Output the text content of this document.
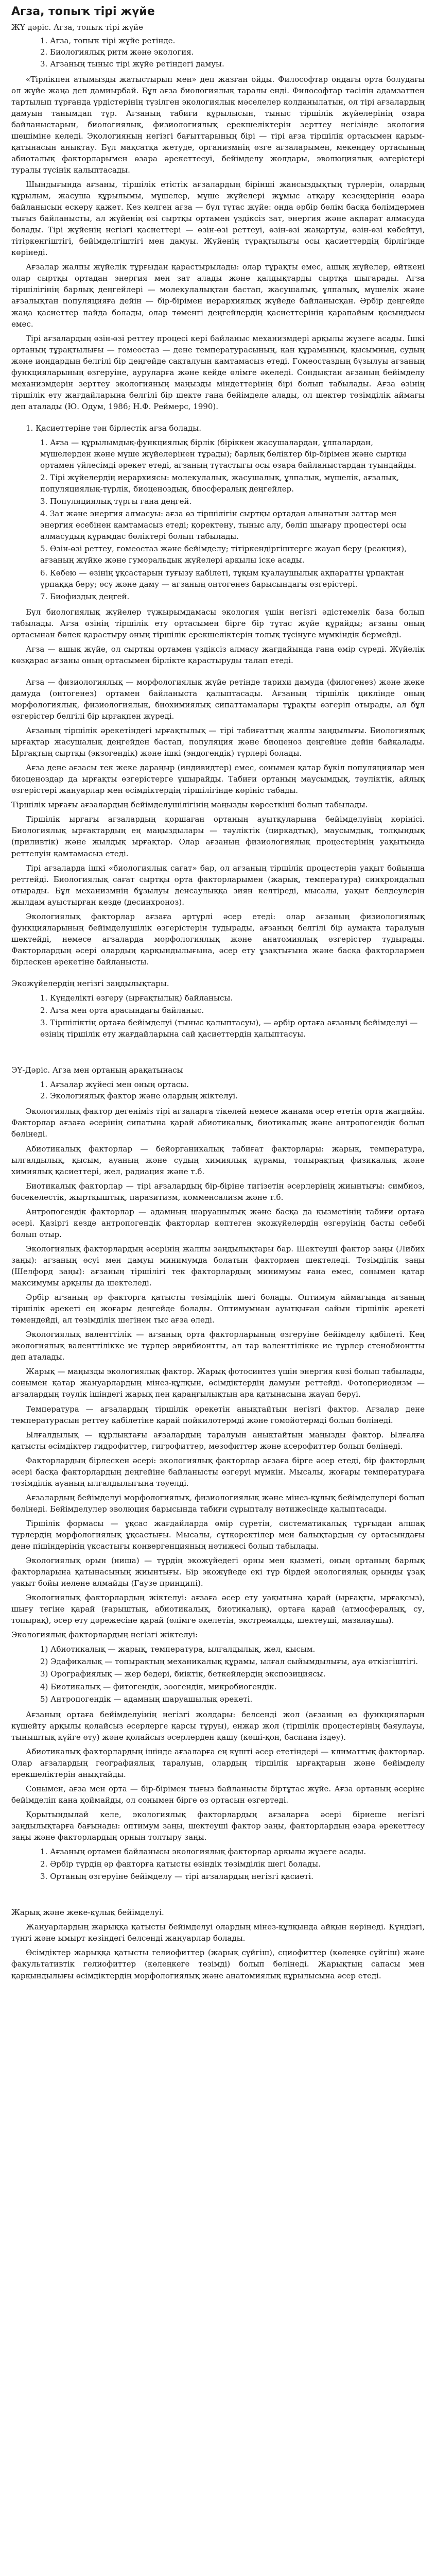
Агза, топыҡ тірі жүйе
ЖҮ дәріс. Агза, топыҡ тірі жүйе
1. Агза, топыҡ тірі жүйе ретінде.
2. Биологиялық ритм және экология.
3. Агзаның тыныс тірі жүйе ретіндегі дамуы.

«Тірлікпен атымызды жатыстырып мен» деп жазған ойды. Философтар ондағы орта болудағы ол жүйе жаңа деп дамиырбай. Бұл ағза биологиялық таралы енді. Философтар тәсілін адамзатпен тартылып тұрғанда үрдістерінің түзілген экологиялық мәселелер қолданылатын, ол тірі ағзалардың дамуын танымдап тұр. Ағзаның табиғи құрылысын, тыныс тіршілік жүйелерінің өзара байланыстарын, биологиялық, физиологиялық ерекшеліктерін зерттеу негізінде экология шешіміне келеді. Экологияның негізгі бағыттарының бірі — тірі ағза тіршілік ортасымен қарым-қатынасын анықтау. Бұл мақсатқа жетуде, организмнің өзге ағзаларымен, мекендеу ортасының абиоталық факторларымен өзара әрекеттесуі, бейімделу жолдары, эволюциялық өзгерістері туралы түсінік қалыптасады.

Шындығында ағзаны, тіршілік етістік ағзалардың бірінші жансыздықтың түрлерін, олардың құрылым, жасуша құрылымы, мүшелер, мүше жүйелері жұмыс атқару кезеңдерінің өзара байланысын ескеру қажет. Кез келген ағза — бұл тұтас жүйе: онда әрбір бөлім басқа бөлімдермен тығыз байланысты, ал жүйенің өзі сыртқы ортамен үздіксіз зат, энергия және ақпарат алмасуда болады. Тірі жүйенің негізгі қасиеттері — өзін-өзі реттеуі, өзін-өзі жаңартуы, өзін-өзі көбейтуі, тітіркенгіштігі, бейімделгіштігі мен дамуы. Жүйенің тұрақтылығы осы қасиеттердің бірлігінде көрінеді.

Ағзалар жалпы жүйелік тұрғыдан қарастырылады: олар тұрақты емес, ашық жүйелер, өйткені олар сыртқы ортадан энергия мен зат алады және қалдықтарды сыртқа шығарады. Ағза тіршілігінің барлық деңгейлері — молекулалықтан бастап, жасушалық, ұлпалық, мүшелік және ағзалықтан популяцияға дейін — бір-бірімен иерархиялық жүйеде байланысқан. Әрбір деңгейде жаңа қасиеттер пайда болады, олар төменгі деңгейлердің қасиеттерінің қарапайым қосындысы емес.

Тірі ағзалардың өзін-өзі реттеу процесі кері байланыс механизмдері арқылы жүзеге асады. Ішкі ортаның тұрақтылығы — гомеостаз — дене температурасының, қан құрамының, қысымның, судың және иондардың белгілі бір деңгейде сақталуын қамтамасыз етеді. Гомеостаздың бұзылуы ағзаның функцияларының өзгеруіне, ауруларға және кейде өлімге әкеледі. Сондықтан ағзаның бейімделу механизмдерін зерттеу экологияның маңызды міндеттерінің бірі болып табылады. Ағза өзінің тіршілік ету жағдайларына белгілі бір шекте ғана бейімделе алады, ол шектер төзімділік аймағы деп аталады (Ю. Одум, 1986; Н.Ф. Реймерс, 1990).

1. Қасиеттеріне тән бірлестік ағза болады.

1. Ағза — құрылымдық-функциялық бірлік (біріккен жасушалардан, ұлпалардан, мүшелерден және мүше жүйелерінен тұрады); барлық бөліктер бір-бірімен және сыртқы ортамен үйлесімді әрекет етеді, ағзаның тұтастығы осы өзара байланыстардан туындайды.
2. Тірі жүйелердің иерархиясы: молекулалық, жасушалық, ұлпалық, мүшелік, ағзалық, популяциялық-түрлік, биоценоздық, биосфералық деңгейлер.
3. Популяциялық тұрғы ғана деңгей.
4. Зат және энергия алмасуы: ағза өз тіршілігін сыртқы ортадан алынатын заттар мен энергия есебінен қамтамасыз етеді; қоректену, тыныс алу, бөліп шығару процестері осы алмасудың құрамдас бөліктері болып табылады.
5. Өзін-өзі реттеу, гомеостаз және бейімделу; тітіркендіргіштерге жауап беру (реакция), ағзаның жүйке және гуморальдық жүйелері арқылы іске асады.
6. Көбею — өзінің ұқсастарын туғызу қабілеті, тұқым қуалаушылық ақпаратты ұрпақтан ұрпаққа беру; өсу және даму — ағзаның онтогенез барысындағы өзгерістері.
7. Биофиздық деңгей.

Бұл биологиялық жүйелер тұжырымдамасы экология үшін негізгі әдістемелік база болып табылады. Ағза өзінің тіршілік ету ортасымен бірге бір тұтас жүйе құрайды; ағзаны оның ортасынан бөлек қарастыру оның тіршілік ерекшеліктерін толық түсінуге мүмкіндік бермейді.

Ағза — ашық жүйе, ол сыртқы ортамен үздіксіз алмасу жағдайында ғана өмір сүреді. Жүйелік көзқарас ағзаны оның ортасымен бірлікте қарастыруды талап етеді.

Ағза — физиологиялық — морфологиялық жүйе ретінде тарихи дамуда (филогенез) және жеке дамуда (онтогенез) ортамен байланыста қалыптасады. Ағзаның тіршілік циклінде оның морфологиялық, физиологиялық, биохимиялық сипаттамалары тұрақты өзгеріп отырады, ал бұл өзгерістер белгілі бір ырғақпен жүреді.

Ағзаның тіршілік әрекетіндегі ырғақтылық — тірі табиғаттың жалпы заңдылығы. Биологиялық ырғақтар жасушалық деңгейден бастап, популяция және биоценоз деңгейіне дейін байқалады. Ырғақтың сыртқы (экзогендік) және ішкі (эндогендік) түрлері болады.

Ағза дене ағзасы тек жеке дараңыр (индивидтер) емес, сонымен қатар бүкіл популяциялар мен биоценоздар да ырғақты өзгерістерге ұшырайды. Табиғи ортаның маусымдық, тәуліктік, айлық өзгерістері жануарлар мен өсімдіктердің тіршілігінде көрініс табады.

Тіршілік ырғағы ағзалардың бейімделушілігінің маңызды көрсеткіші болып табылады.

Тіршілік ырғағы ағзалардың қоршаған ортаның ауытқуларына бейімделуінің көрінісі. Биологиялық ырғақтардың ең маңыздылары — тәуліктік (циркадтық), маусымдық, толқындық (приливтік) және жылдық ырғақтар. Олар ағзаның физиологиялық процестерінің уақытында реттелуін қамтамасыз етеді.

Тірі ағзаларда ішкі «биологиялық сағат» бар, ол ағзаның тіршілік процестерін уақыт бойынша реттейді. Биологиялық сағат сыртқы орта факторларымен (жарық, температура) синхрондалып отырады. Бұл механизмнің бұзылуы денсаулыққа зиян келтіреді, мысалы, уақыт белдеулерін жылдам ауыстырған кезде (десинхроноз).

Экологиялық факторлар ағзаға әртүрлі әсер етеді: олар ағзаның физиологиялық функцияларының бейімделушілік өзгерістерін тудырады, ағзаның белгілі бір аумақта таралуын шектейді, немесе ағзаларда морфологиялық және анатомиялық өзгерістер тудырады. Факторлардың әсері олардың қарқындылығына, әсер ету ұзақтығына және басқа факторлармен бірлескен әрекетіне байланысты.

Экожүйелердің негізгі заңдылықтары.

1. Күнделікті өзгеру (ырғақтылық) байланысы.
2. Ағза мен орта арасындағы байланыс.
3. Тіршіліктің ортаға бейімделуі (тыныс қалыптасуы), — әрбір ортаға ағзаның бейімделуі — өзінің тіршілік ету жағдайларына сай қасиеттердің қалыптасуы.

ЭҮ-Дәріс. Агза мен ортаның арақатынасы

1. Ағзалар жүйесі мен оның ортасы.
2. Экологиялық фактор және олардың жіктелуі.

Экологиялық фактор дегеніміз тірі ағзаларға тікелей немесе жанама әсер ететін орта жағдайы. Факторлар ағзаға әсерінің сипатына қарай абиотикалық, биотикалық және антропогендік болып бөлінеді.

Абиотикалық факторлар — бейорганикалық табиғат факторлары: жарық, температура, ылғалдылық, қысым, ауаның және судың химиялық құрамы, топырақтың физикалық және химиялық қасиеттері, жел, радиация және т.б.

Биотикалық факторлар — тірі ағзалардың бір-біріне тигізетін әсерлерінің жиынтығы: симбиоз, бәсекелестік, жыртқыштық, паразитизм, комменсализм және т.б.

Антропогендік факторлар — адамның шаруашылық және басқа да қызметінің табиғи ортаға әсері. Қазіргі кезде антропогендік факторлар көптеген экожүйелердің өзгеруінің басты себебі болып отыр.

Экологиялық факторлардың әсерінің жалпы заңдылықтары бар. Шектеуші фактор заңы (Либих заңы): ағзаның өсуі мен дамуы минимумда болатын фактормен шектеледі. Төзімділік заңы (Шелфорд заңы): ағзаның тіршілігі тек факторлардың минимумы ғана емес, сонымен қатар максимумы арқылы да шектеледі.

Әрбір ағзаның әр факторға қатысты төзімділік шегі болады. Оптимум аймағында ағзаның тіршілік әрекеті ең жоғары деңгейде болады. Оптимумнан ауытқыған сайын тіршілік әрекеті төмендейді, ал төзімділік шегінен тыс ағза өледі.

Экологиялық валенттілік — ағзаның орта факторларының өзгеруіне бейімделу қабілеті. Кең экологиялық валенттілікке ие түрлер эврибионтты, ал тар валенттілікке ие түрлер стенобионтты деп аталады.

Жарық — маңызды экологиялық фактор. Жарық фотосинтез үшін энергия көзі болып табылады, сонымен қатар жануарлардың мінез-құлқын, өсімдіктердің дамуын реттейді. Фотопериодизм — ағзалардың тәулік ішіндегі жарық пен қараңғылықтың ара қатынасына жауап беруі.

Температура — ағзалардың тіршілік әрекетін анықтайтын негізгі фактор. Ағзалар дене температурасын реттеу қабілетіне қарай пойкилотермді және гомойотермді болып бөлінеді.

Ылғалдылық — құрлықтағы ағзалардың таралуын анықтайтын маңызды фактор. Ылғалға қатысты өсімдіктер гидрофиттер, гигрофиттер, мезофиттер және ксерофиттер болып бөлінеді.

Факторлардың бірлескен әсері: экологиялық факторлар ағзаға бірге әсер етеді, бір фактордың әсері басқа факторлардың деңгейіне байланысты өзгеруі мүмкін. Мысалы, жоғары температураға төзімділік ауаның ылғалдылығына тәуелді.

Ағзалардың бейімделуі морфологиялық, физиологиялық және мінез-құлық бейімделулері болып бөлінеді. Бейімделулер эволюция барысында табиғи сұрыпталу нәтижесінде қалыптасады.

Тіршілік формасы — ұқсас жағдайларда өмір сүретін, систематикалық тұрғыдан алшақ түрлердің морфологиялық ұқсастығы. Мысалы, сүтқоректілер мен балықтардың су ортасындағы дене пішіндерінің ұқсастығы конвергенцияның нәтижесі болып табылады.

Экологиялық орын (ниша) — түрдің экожүйедегі орны мен қызметі, оның ортаның барлық факторларына қатынасының жиынтығы. Бір экожүйеде екі түр бірдей экологиялық орынды ұзақ уақыт бойы иелене алмайды (Гаузе принципі).

Экологиялық факторлардың жіктелуі: ағзаға әсер ету уақытына қарай (ырғақты, ырғақсыз), шығу тегіне қарай (ғарыштық, абиотикалық, биотикалық), ортаға қарай (атмосфералық, су, топырақ), әсер ету дәрежесіне қарай (өлімге әкелетін, экстремалды, шектеуші, мазалаушы).

Экологиялық факторлардың негізгі жіктелуі:

1) Абиотикалық — жарық, температура, ылғалдылық, жел, қысым.
2) Эдафикалық — топырақтың механикалық құрамы, ылғал сыйымдылығы, ауа өткізгіштігі.
3) Орографиялық — жер бедері, биіктік, беткейлердің экспозициясы.
4) Биотикалық — фитогендік, зоогендік, микробиогендік.
5) Антропогендік — адамның шаруашылық әрекеті.

Ағзаның ортаға бейімделуінің негізгі жолдары: белсенді жол (ағзаның өз функцияларын күшейту арқылы қолайсыз әсерлерге қарсы тұруы), енжар жол (тіршілік процестерінің баяулауы, тыныштық күйге өту) және қолайсыз әсерлерден қашу (көші-қон, баспана іздеу).

Абиотикалық факторлардың ішінде ағзаларға ең күшті әсер ететіндері — климаттық факторлар. Олар ағзалардың географиялық таралуын, олардың тіршілік ырғақтарын және бейімделу ерекшеліктерін анықтайды.

Сонымен, ағза мен орта — бір-бірімен тығыз байланысты біртұтас жүйе. Ағза ортаның әсеріне бейімделіп қана қоймайды, ол сонымен бірге өз ортасын өзгертеді.

Қорытындылай келе, экологиялық факторлардың ағзаларға әсері бірнеше негізгі заңдылықтарға бағынады: оптимум заңы, шектеуші фактор заңы, факторлардың өзара әрекеттесу заңы және факторлардың орнын толтыру заңы.

1. Ағзаның ортамен байланысы экологиялық факторлар арқылы жүзеге асады.
2. Әрбір түрдің әр факторға қатысты өзіндік төзімділік шегі болады.
3. Ортаның өзгеруіне бейімделу — тірі ағзалардың негізгі қасиеті.

Жарық және жеке-құлық бейімделуі.

Жануарлардың жарыққа қатысты бейімделуі олардың мінез-құлқында айқын көрінеді. Күндізгі, түнгі және ымырт кезіндегі белсенді жануарлар болады.

Өсімдіктер жарыққа қатысты гелиофиттер (жарық сүйгіш), сциофиттер (көлеңке сүйгіш) және факультативтік гелиофиттер (көлеңкеге төзімді) болып бөлінеді. Жарықтың сапасы мен қарқындылығы өсімдіктердің морфологиялық және анатомиялық құрылысына әсер етеді.
